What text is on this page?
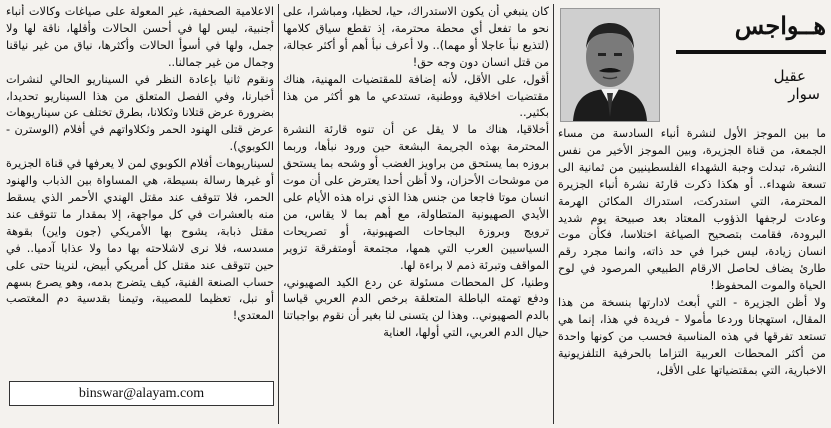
هــواجس
عقيل
سوار

ما بين الموجز الأول لنشرة أنباء السادسة من مساء الجمعة، من قناة الجزيرة، وبين الموجز الأخير من نفس النشرة، تبدلت وجبة الشهداء الفلسطينيين من ثمانية الى تسعة شهداء.. أو هكذا ذكرت قارئة نشرة أنباء الجزيرة المحترمة، التي استدركت، استدراك المكائن الهرمة وعادت لرجفها الذؤوب المعتاد بعد صبيحة يوم شديد البرودة، فقامت بتصحيح الصياغة اختلاسا، فكأن موت انسان زيادة، ليس خبرا في حد ذاته، وانما مجرد رقم طارئ يضاف لحاصل الارقام الطبيعي المرصود في لوح الحياة والموت المحفوظ!

ولا أظن الجزيرة - التي أبعث لادارتها بنسخة من هذا المقال، استهجانا وردعا مأمولا - فريدة في هذا، إنما هي تستعد تفرقها في هذه المناسبة فحسب من كونها واحدة من أكثر المحطات العربية التزاما بالحرفية التلفزيونية الاخبارية، التي بمقتضياتها على الأقل،

كان ينبغي أن يكون الاستدراك، حيا، لحظيا، ومباشرا، على نحو ما تفعل أي محطة محترمة، إذ تقطع سياق كلامها (لتذيع نبأ عاجلا أو مهما).. ولا أعرف نبأ أهم أو أكثر عجالة، من قتل انسان دون وجه حق!

أقول، على الأقل، لأنه إضافة للمقتضيات المهنية، هناك مقتضيات اخلاقية ووطنية، تستدعي ما هو أكثر من هذا بكثير..

أخلاقيا، هناك ما لا يقل عن أن تنوه قارئة النشرة المحترمة بهذه الجريمة البشعة حين ورود نبأها، وربما بروزه بما يستحق من براويز الغضب أو وشحه بما يستحق من موشحات الأحزان، ولا أظن أحدا يعترض على أن موت انسان موتا فاجعا من جنس هذا الذي نراه هذه الأيام على الأيدي الصهيونية المتطاولة، مع أهم بما لا يقاس، من ترويج وبروزة البجاحات الصهيونية، أو تصريحات السياسيين العرب التي همها، مجتمعة أومتفرقة تزوير المواقف وتبرئة ذمم لا براءة لها.

وطنيا، كل المحطات مسئولة عن ردع الكيد الصهيوني، ودفع تهمته الباطلة المتعلقة برخص الدم العربي قياسا بالدم الصهيوني.. وهذا لن يتسنى لنا بغير أن نقوم بواجباتنا حيال الدم العربي، التي أولها، العناية

الاعلامية الصحفية، غير المعولة على صياغات وكالات أنباء أجنبية، ليس لها في أحسن الحالات وأقلها، ناقة لها ولا جمل، ولها في أسوأ الحالات وأكثرها، نياق من غير نياقنا وجمال من غير جمالنا..

ونقوم ثانيا بإعادة النظر في السيناريو الحالي لنشرات أخبارنا، وفي الفصل المتعلق من هذا السيناريو تحديدا، بضرورة عرض قتلانا وثكلانا، بطرق تختلف عن سيناريوهات عرض قتلى الهنود الحمر وثكلاواتهم في أفلام (الوسترن - الكوبوي).

لسيناريوهات أفلام الكوبوي لمن لا يعرفها في قناة الجزيرة أو غيرها رسالة بسيطة، هي المساواة بين الذباب والهنود الحمر، فلا تتوقف عند مقتل الهندي الأحمر الذي يسقط منه بالعشرات في كل مواجهة، إلا بمقدار ما تتوقف عند مقتل ذبابة، يشوح بها الأمريكي (جون واين) بقوهة مسدسه، فلا نرى لاشلاحته بها دما ولا عذابا آدميا.. في حين تتوقف عند مقتل كل أمريكي أبيض، لنرينا حتى على حساب الصنعة الفنية، كيف يتضرج بدمه، وهو يصرع بسهم أو نبل، تعظيما للمصيبة، وتيمنا بقدسية دم المغتصب المعتدي!

binswar@alayam.com
